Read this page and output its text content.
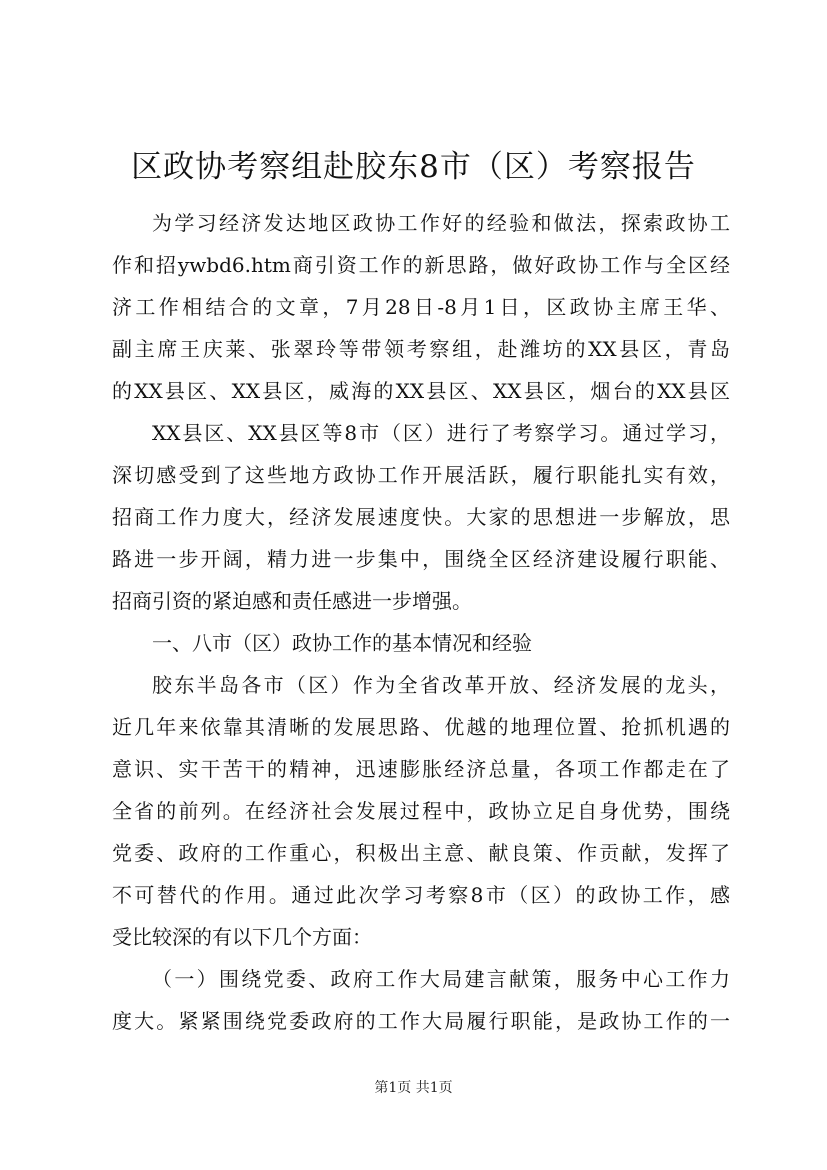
区政协考察组赴胶东8市（区）考察报告
为学习经济发达地区政协工作好的经验和做法，探索政协工
作和招ywbd6.htm商引资工作的新思路，做好政协工作与全区经
济工作相结合的文章，7月28日-8月1日，区政协主席王华、
副主席王庆莱、张翠玲等带领考察组，赴潍坊的XX县区，青岛
的XX县区、XX县区，威海的XX县区、XX县区，烟台的XX县区
XX县区、XX县区等8市（区）进行了考察学习。通过学习，
深切感受到了这些地方政协工作开展活跃，履行职能扎实有效，
招商工作力度大，经济发展速度快。大家的思想进一步解放，思
路进一步开阔，精力进一步集中，围绕全区经济建设履行职能、
招商引资的紧迫感和责任感进一步增强。
一、八市（区）政协工作的基本情况和经验
胶东半岛各市（区）作为全省改革开放、经济发展的龙头，
近几年来依靠其清晰的发展思路、优越的地理位置、抢抓机遇的
意识、实干苦干的精神，迅速膨胀经济总量，各项工作都走在了
全省的前列。在经济社会发展过程中，政协立足自身优势，围绕
党委、政府的工作重心，积极出主意、献良策、作贡献，发挥了
不可替代的作用。通过此次学习考察8市（区）的政协工作，感
受比较深的有以下几个方面：
（一）围绕党委、政府工作大局建言献策，服务中心工作力
度大。紧紧围绕党委政府的工作大局履行职能，是政协工作的一
第1页 共1页
